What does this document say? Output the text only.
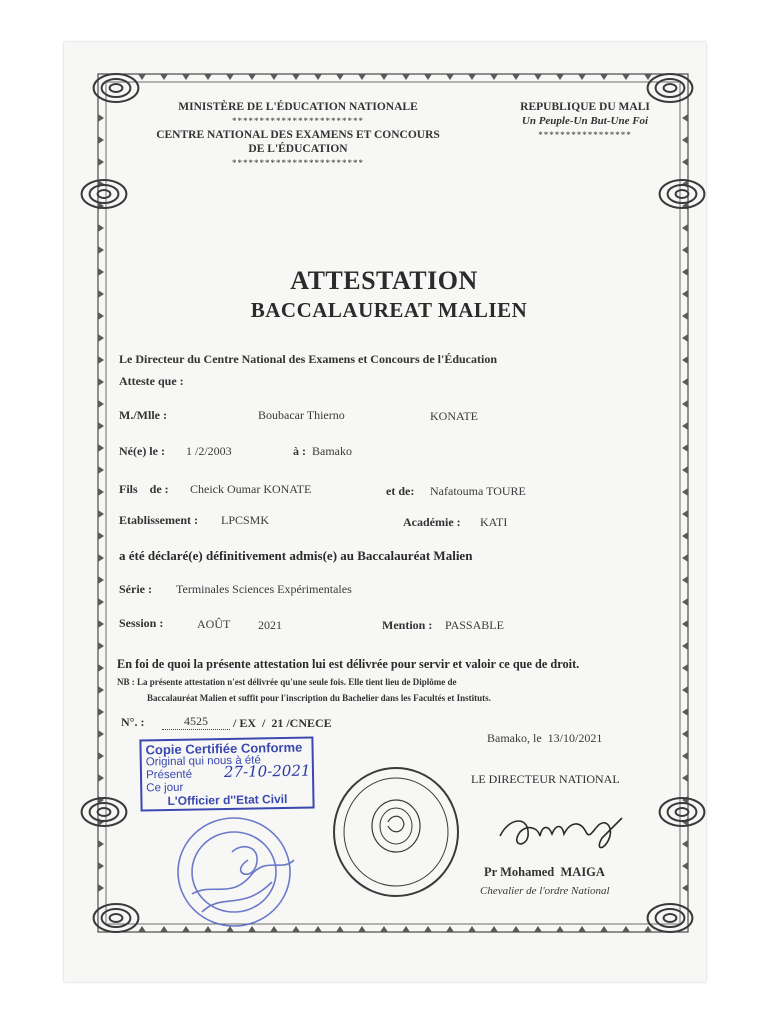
MINISTÈRE DE L'ÉDUCATION NATIONALE
************************
CENTRE NATIONAL DES EXAMENS ET CONCOURS
DE L'ÉDUCATION
************************
REPUBLIQUE DU MALI
Un Peuple-Un But-Une Foi
*****************
ATTESTATION
BACCALAUREAT MALIEN
Le Directeur du Centre National des Examens et Concours de l'Éducation
Atteste que :
M./Mlle :	Boubacar Thierno	KONATE
Né(e) le : 1 /2/2003	à : Bamako
Fils    de : Cheick Oumar KONATE	et de: Nafatouma TOURE
Etablissement : LPCSMK	Académie : KATI
a été déclaré(e) définitivement admis(e) au Baccalauréat Malien
Série : Terminales Sciences Expérimentales
Session :	AOÛT 2021	Mention : PASSABLE
En foi de quoi la présente attestation lui est délivrée pour servir et valoir ce que de droit.
NB : La présente attestation n'est délivrée qu'une seule fois. Elle tient lieu de Diplôme de
Baccalauréat Malien et suffit pour l'inscription du Bachelier dans les Facultés et Instituts.
N°. :	4525	/ EX  /  21 /CNECE
Bamako, le  13/10/2021
LE DIRECTEUR NATIONAL
Pr Mohamed  MAIGA
Chevalier de l'ordre National
Copie Certifiée Conforme
Original qui nous à été
Présenté
Ce jour
L'Officier d''Etat Civil
27-10-2021
